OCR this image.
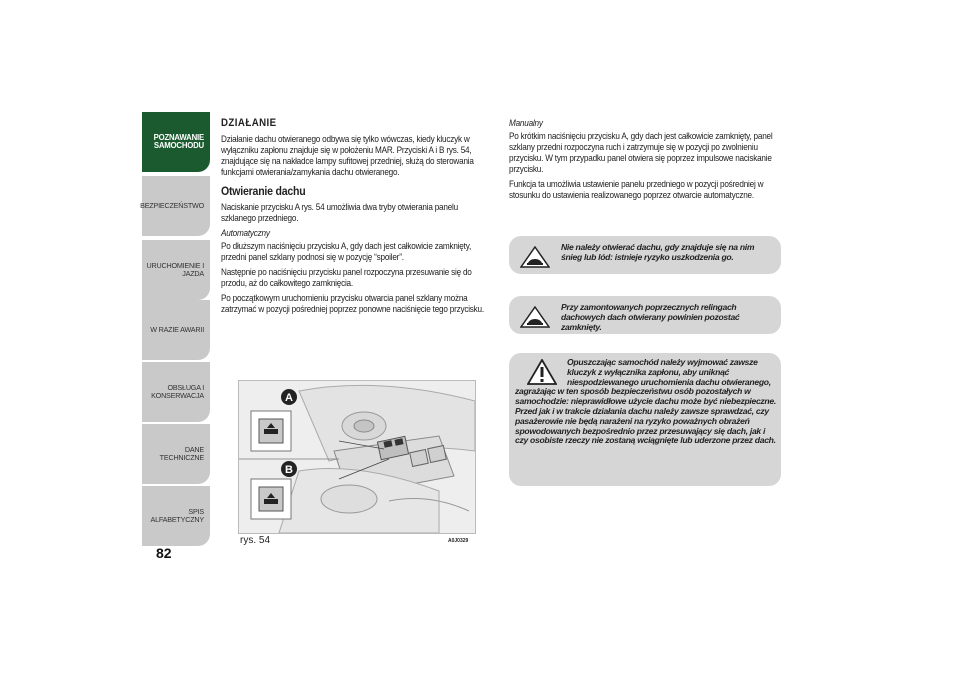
POZNAWANIE
SAMOCHODU
BEZPIECZEŃSTWO
URUCHOMIENIE I
JAZDA
W RAZIE AWARII
OBSŁUGA I
KONSERWACJA
DANE TECHNICZNE
SPIS ALFABETYCZNY
82
DZIAŁANIE

Działanie dachu otwieranego odbywa się tylko wówczas, kiedy kluczyk w wyłączniku zapłonu znajduje się w położeniu MAR. Przyciski A i B rys. 54, znajdujące się na nakładce lampy sufitowej przedniej, służą do sterowania funkcjami otwierania/zamykania dachu otwieranego.

Otwieranie dachu

Naciskanie przycisku A rys. 54 umożliwia dwa tryby otwierania panelu szklanego przedniego.

Automatyczny

Po dłuższym naciśnięciu przycisku A, gdy dach jest całkowicie zamknięty, przedni panel szklany podnosi się w pozycję “spoiler”.

Następnie po naciśnięciu przycisku panel rozpoczyna przesuwanie się do przodu, aż do całkowitego zamknięcia.

Po początkowym uruchomieniu przycisku otwarcia panel szklany można zatrzymać w pozycji pośredniej poprzez ponowne naciśnięcie tego przycisku.

Manualny

Po krótkim naciśnięciu przycisku A, gdy dach jest całkowicie zamknięty, panel szklany przedni rozpoczyna ruch i zatrzymuje się w pozycji po zwolnieniu przycisku. W tym przypadku panel otwiera się poprzez impulsowe naciskanie przycisku.

Funkcja ta umożliwia ustawienie panelu przedniego w pozycji pośredniej w stosunku do ustawienia realizowanego poprzez otwarcie automatyczne.

Nie należy otwierać dachu, gdy znajduje się na nim śnieg lub lód: istnieje ryzyko uszkodzenia go.
Przy zamontowanych poprzecznych relingach dachowych dach otwierany powinien pozostać zamknięty.
Opuszczając samochód należy wyjmować zawsze kluczyk z wyłącznika zapłonu, aby uniknąć niespodziewanego uruchomienia dachu otwieranego,
zagrażając w ten sposób bezpieczeństwu osób pozostałych w samochodzie: nieprawidłowe użycie dachu może być niebezpieczne. Przed jak i w trakcie działania dachu należy zawsze sprawdzać, czy pasażerowie nie będą narażeni na ryzyko poważnych obrażeń spowodowanych bezpośrednio przez przesuwający się dach, jak i czy osobiste rzeczy nie zostaną wciągnięte lub uderzone przez dach.
A
B
rys. 54	A0J0329
